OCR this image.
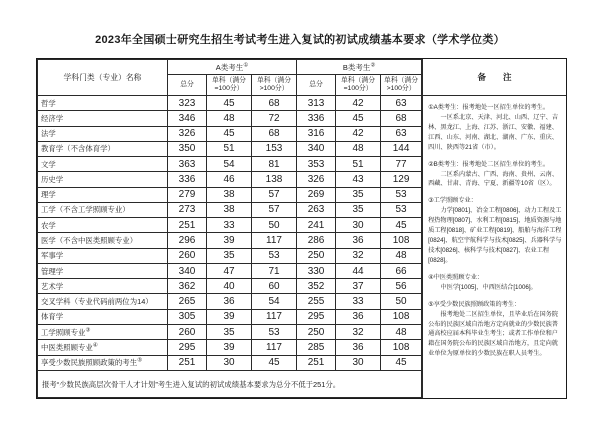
2023年全国硕士研究生招生考试考生进入复试的初试成绩基本要求（学术学位类）
学科门类（专业）名称	A类考生①			B类考生②
	总分	单科（满分
=100分）	单科（满分
>100分）	总分	单科（满分
=100分）	单科（满分
>100分）

哲学	323	45	68	313	42	63
经济学	346	48	72	336	45	68
法学	326	45	68	316	42	63
教育学（不含体育学）	350	51	153	340	48	144
文学	363	54	81	353	51	77
历史学	336	46	138	326	43	129
理学	279	38	57	269	35	53
工学（不含工学照顾专业）	273	38	57	263	35	53
农学	251	33	50	241	30	45
医学（不含中医类照顾专业）	296	39	117	286	36	108
军事学	260	35	53	250	32	48
管理学	340	47	71	330	44	66
艺术学	362	40	60	352	37	56
交叉学科（专业代码前两位为14）	265	36	54	255	33	50
体育学	305	39	117	295	36	108
工学照顾专业③	260	35	53	250	32	48
中医类照顾专业④	295	39	117	285	36	108
享受少数民族照顾政策的考生⑤	251	30	45	251	30	45
报考“少数民族高层次骨干人才计划”考生进入复试的初试成绩基本要求为总分不低于251分。						
备　　注
①A类考生：报考地处一区招生单位的考生。
一区系北京、天津、河北、山西、辽宁、吉林、黑龙江、上海、江苏、浙江、安徽、福建、江西、山东、河南、湖北、湖南、广东、重庆、四川、陕西等21省（市）。
②B类考生：报考地处二区招生单位的考生。
二区系内蒙古、广西、海南、贵州、云南、西藏、甘肃、青海、宁夏、新疆等10省（区）。
③工学照顾专业：
力学[0801]、冶金工程[0806]、动力工程及工程热物理[0807]、水利工程[0815]、地质资源与地质工程[0818]、矿业工程[0819]、船舶与海洋工程[0824]、航空宇航科学与技术[0825]、兵器科学与技术[0826]、核科学与技术[0827]、农业工程[0828]。
④中医类照顾专业：
中医学[1005]、中西医结合[1006]。
⑤享受少数民族照顾政策的考生：
报考地处二区招生单位，且毕业后在国务院公布的民族区域自治地方定向就业的少数民族普通高校应届本科毕业生考生；或者工作单位和户籍在国务院公布的民族区域自治地方，且定向就业单位为原单位的少数民族在职人员考生。
